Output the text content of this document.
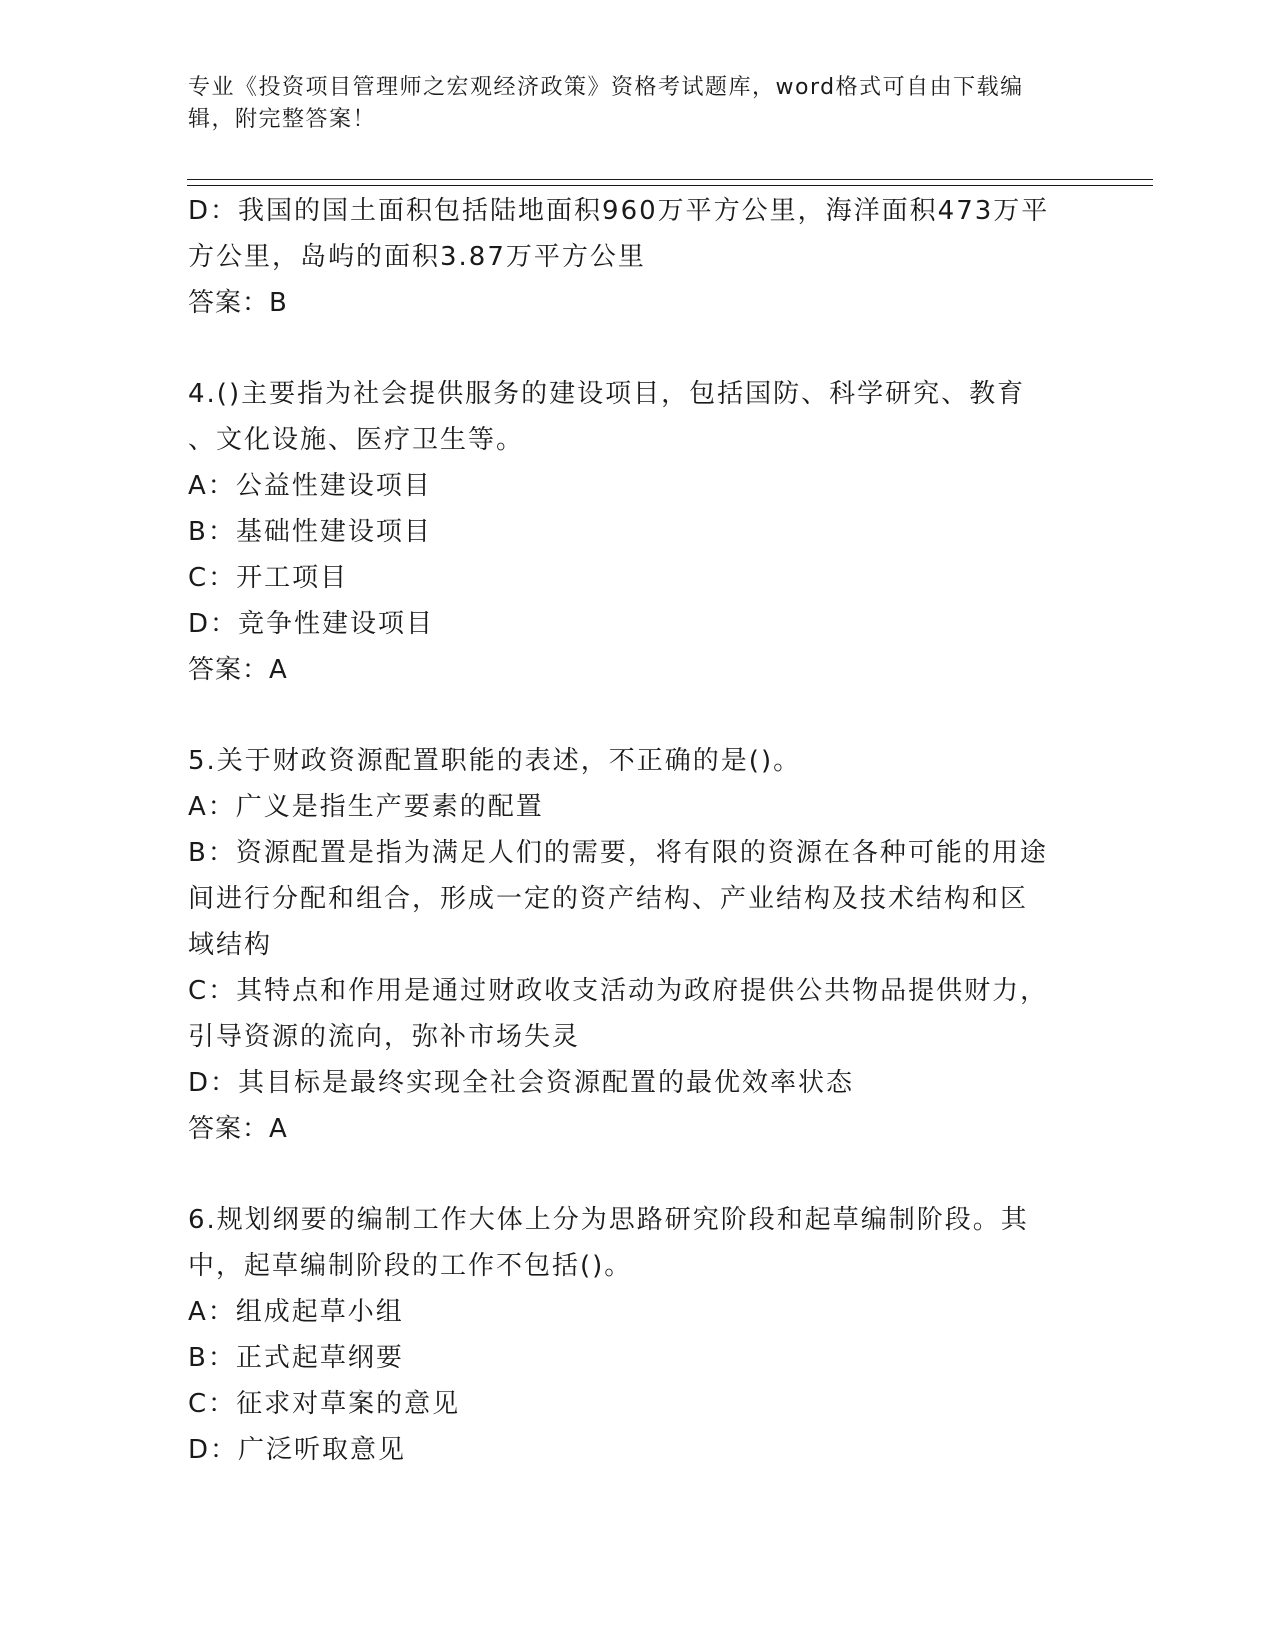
专业《投资项目管理师之宏观经济政策》资格考试题库，word格式可自由下载编

辑，附完整答案！

D：我国的国土面积包括陆地面积960万平方公里，海洋面积473万平

方公里，岛屿的面积3.87万平方公里

答案：B

4.()主要指为社会提供服务的建设项目，包括国防、科学研究、教育

、文化设施、医疗卫生等。

A：公益性建设项目

B：基础性建设项目

C：开工项目

D：竞争性建设项目

答案：A

5.关于财政资源配置职能的表述，不正确的是()。

A：广义是指生产要素的配置

B：资源配置是指为满足人们的需要，将有限的资源在各种可能的用途

间进行分配和组合，形成一定的资产结构、产业结构及技术结构和区

域结构

C：其特点和作用是通过财政收支活动为政府提供公共物品提供财力，

引导资源的流向，弥补市场失灵

D：其目标是最终实现全社会资源配置的最优效率状态

答案：A

6.规划纲要的编制工作大体上分为思路研究阶段和起草编制阶段。其

中，起草编制阶段的工作不包括()。

A：组成起草小组

B：正式起草纲要

C：征求对草案的意见

D：广泛听取意见
